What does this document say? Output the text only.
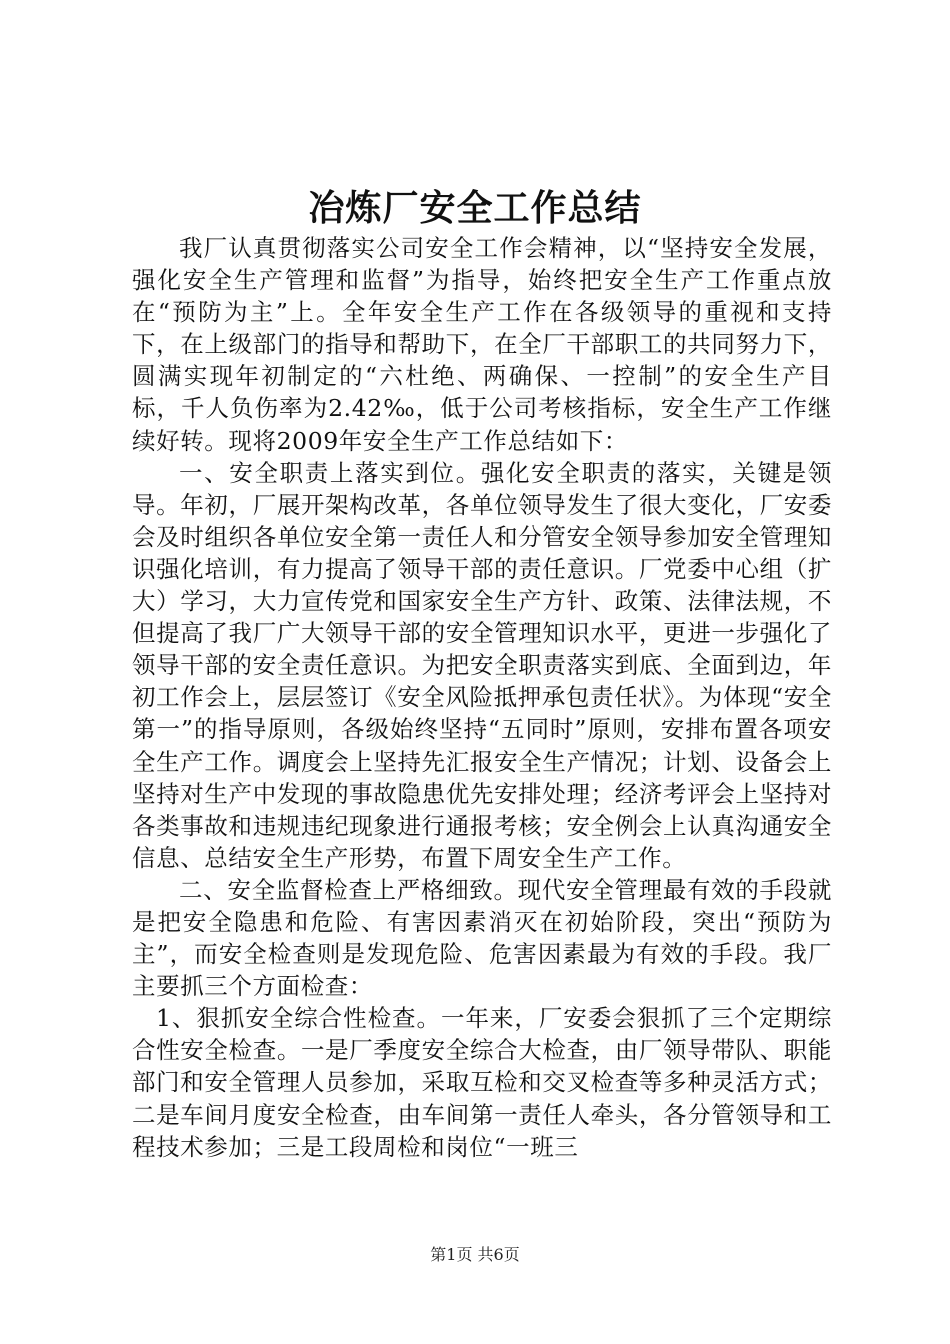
冶炼厂安全工作总结

我厂认真贯彻落实公司安全工作会精神，以“坚持安全发展，强化安全生产管理和监督”为指导，始终把安全生产工作重点放在“预防为主”上。全年安全生产工作在各级领导的重视和支持下，在上级部门的指导和帮助下，在全厂干部职工的共同努力下，圆满实现年初制定的“六杜绝、两确保、一控制”的安全生产目标，千人负伤率为2.42‰，低于公司考核指标，安全生产工作继续好转。现将2009年安全生产工作总结如下：

一、安全职责上落实到位。强化安全职责的落实，关键是领导。年初，厂展开架构改革，各单位领导发生了很大变化，厂安委会及时组织各单位安全第一责任人和分管安全领导参加安全管理知识强化培训，有力提高了领导干部的责任意识。厂党委中心组（扩大）学习，大力宣传党和国家安全生产方针、政策、法律法规，不但提高了我厂广大领导干部的安全管理知识水平，更进一步强化了领导干部的安全责任意识。为把安全职责落实到底、全面到边，年初工作会上，层层签订《安全风险抵押承包责任状》。为体现“安全第一”的指导原则，各级始终坚持“五同时”原则，安排布置各项安全生产工作。调度会上坚持先汇报安全生产情况；计划、设备会上坚持对生产中发现的事故隐患优先安排处理；经济考评会上坚持对各类事故和违规违纪现象进行通报考核；安全例会上认真沟通安全信息、总结安全生产形势，布置下周安全生产工作。

二、安全监督检查上严格细致。现代安全管理最有效的手段就是把安全隐患和危险、有害因素消灭在初始阶段，突出“预防为主”，而安全检查则是发现危险、危害因素最为有效的手段。我厂主要抓三个方面检查：

1、狠抓安全综合性检查。一年来，厂安委会狠抓了三个定期综合性安全检查。一是厂季度安全综合大检查，由厂领导带队、职能部门和安全管理人员参加，采取互检和交叉检查等多种灵活方式；二是车间月度安全检查，由车间第一责任人牵头，各分管领导和工程技术参加；三是工段周检和岗位“一班三

第1页 共6页
